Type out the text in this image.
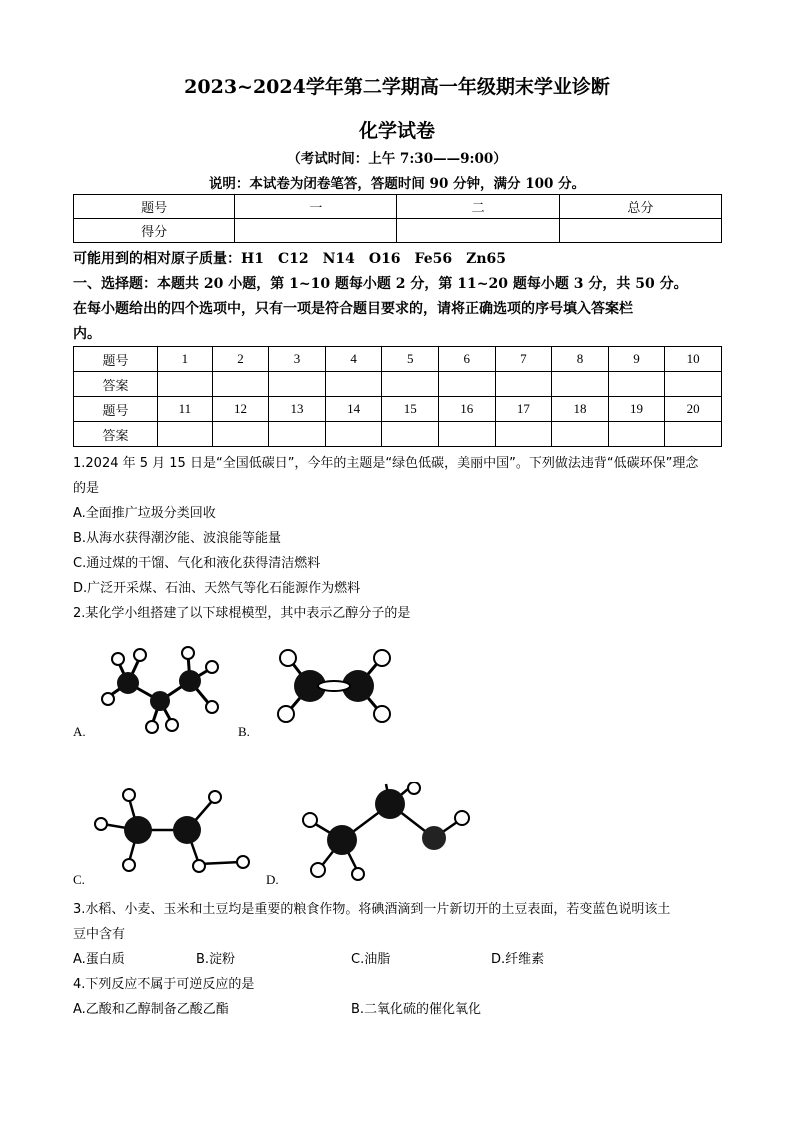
2023~2024学年第二学期高一年级期末学业诊断
化学试卷
（考试时间：上午 7:30——9:00）
说明：本试卷为闭卷笔答，答题时间 90 分钟，满分 100 分。
题号	一	二	总分
得分			
可能用到的相对原子质量：H1　C12　N14　O16　Fe56　Zn65
一、选择题：本题共 20 小题，第 1~10 题每小题 2 分，第 11~20 题每小题 3 分，共 50 分。
在每小题给出的四个选项中，只有一项是符合题目要求的，请将正确选项的序号填入答案栏
内。
题号	1	2	3	4	5	6	7	8	9	10
答案										
题号	11	12	13	14	15	16	17	18	19	20
答案										
1.2024 年 5 月 15 日是“全国低碳日”，今年的主题是“绿色低碳，美丽中国”。下列做法违背“低碳环保”理念
的是
A.全面推广垃圾分类回收
B.从海水获得潮汐能、波浪能等能量
C.通过煤的干馏、气化和液化获得清洁燃料
D.广泛开采煤、石油、天然气等化石能源作为燃料
2.某化学小组搭建了以下球棍模型，其中表示乙醇分子的是
A.	B.
C.	D.
3.水稻、小麦、玉米和土豆均是重要的粮食作物。将碘酒滴到一片新切开的土豆表面，若变蓝色说明该土
豆中含有
A.蛋白质	B.淀粉	C.油脂	D.纤维素
4.下列反应不属于可逆反应的是
A.乙酸和乙醇制备乙酸乙酯	B.二氧化硫的催化氧化
